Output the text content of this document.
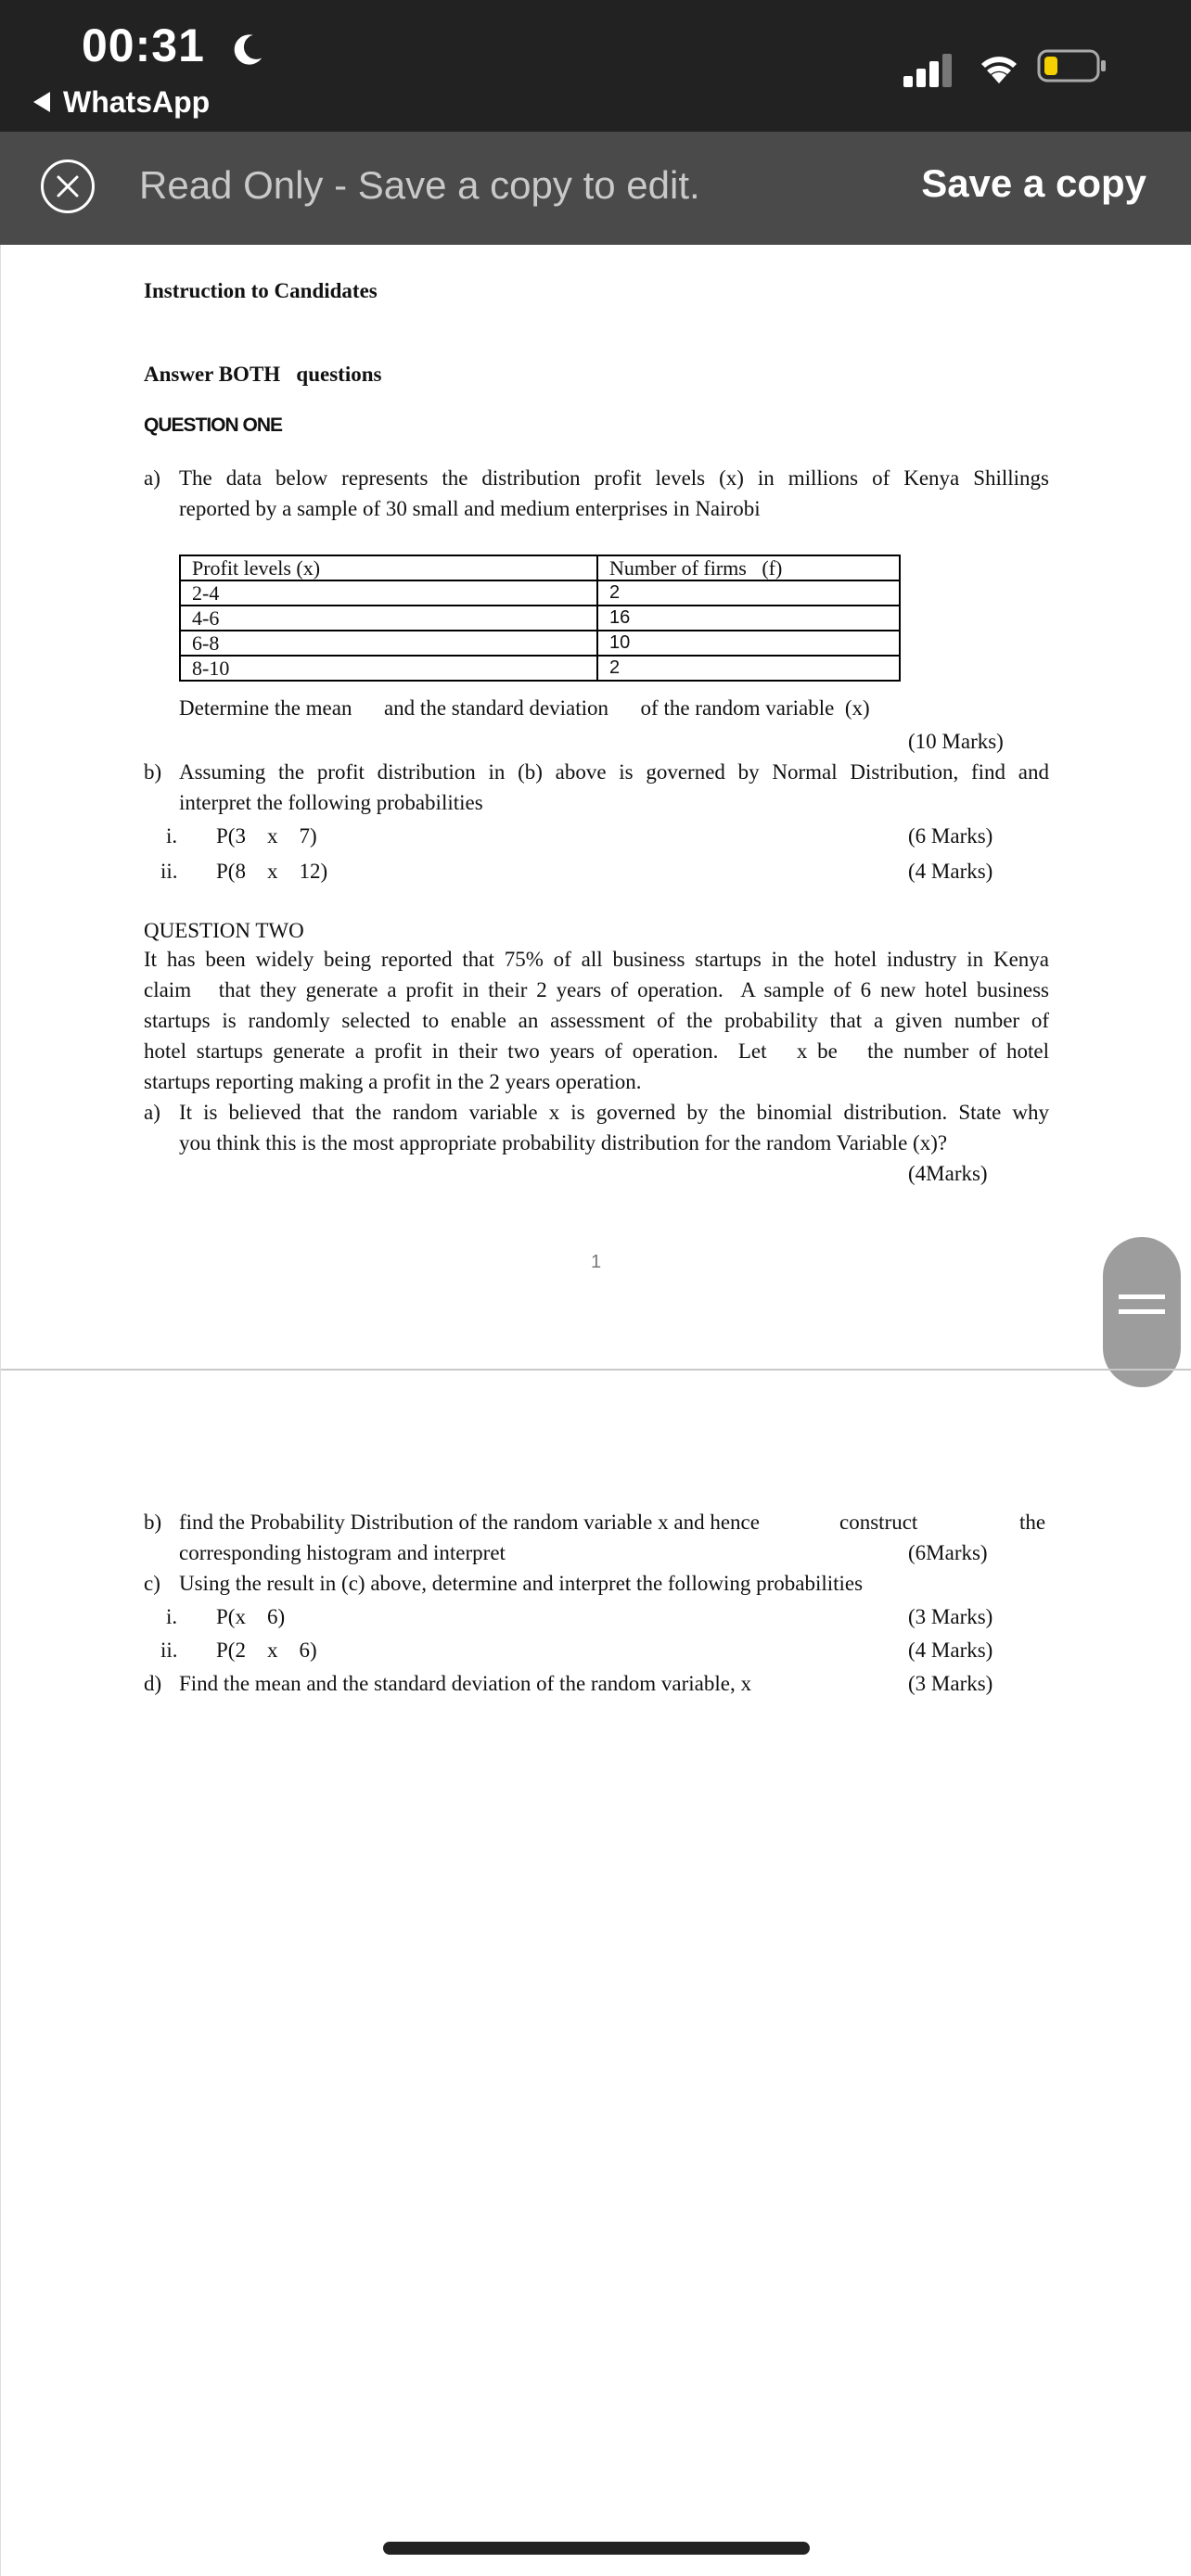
00:31
WhatsApp
Read Only - Save a copy to edit.	Save a copy
Instruction to Candidates
Answer BOTH   questions
QUESTION ONE
a) The data below represents the distribution profit levels (x) in millions of Kenya Shillings
reported by a sample of 30 small and medium enterprises in Nairobi
Profit levels (x)	Number of firms   (f)
2-4	2
4-6	16
6-8	10
8-10	2
Determine the mean      and the standard deviation      of the random variable  (x)
(10 Marks)
b) Assuming the profit distribution in (b) above is governed by Normal Distribution, find and
interpret the following probabilities
i. P(3    x    7)	(6 Marks)
ii. P(8    x    12)	(4 Marks)
QUESTION TWO
It has been widely being reported that 75% of all business startups in the hotel industry in Kenya
claim   that they generate a profit in their 2 years of operation.  A sample of 6 new hotel business
startups is randomly selected to enable an assessment of the probability that a given number of
hotel startups generate a profit in their two years of operation.  Let   x be   the number of hotel
startups reporting making a profit in the 2 years operation.
a) It is believed that the random variable x is governed by the binomial distribution. State why
you think this is the most appropriate probability distribution for the random Variable (x)?
(4Marks)
1
b) find the Probability Distribution of the random variable x and hence	construct	the
corresponding histogram and interpret	(6Marks)
c) Using the result in (c) above, determine and interpret the following probabilities
i. P(x    6)	(3 Marks)
ii. P(2    x    6)	(4 Marks)
d) Find the mean and the standard deviation of the random variable, x	(3 Marks)
